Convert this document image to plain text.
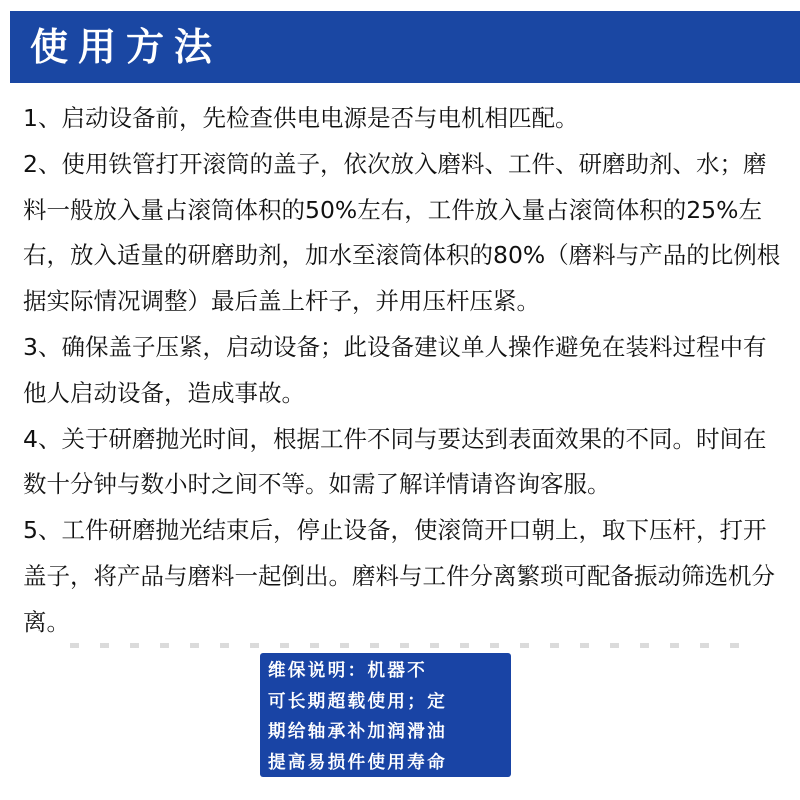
使用方法

1、启动设备前，先检查供电电源是否与电机相匹配。

2、使用铁管打开滚筒的盖子，依次放入磨料、工件、研磨助剂、水；磨料一般放入量占滚筒体积的50%左右，工件放入量占滚筒体积的25%左右，放入适量的研磨助剂，加水至滚筒体积的80%（磨料与产品的比例根据实际情况调整）最后盖上杆子，并用压杆压紧。

3、确保盖子压紧，启动设备；此设备建议单人操作避免在装料过程中有他人启动设备，造成事故。

4、关于研磨抛光时间，根据工件不同与要达到表面效果的不同。时间在数十分钟与数小时之间不等。如需了解详情请咨询客服。

5、工件研磨抛光结束后，停止设备，使滚筒开口朝上，取下压杆，打开盖子，将产品与磨料一起倒出。磨料与工件分离繁琐可配备振动筛选机分离。

维保说明：机器不
可长期超载使用；定
期给轴承补加润滑油
提高易损件使用寿命
